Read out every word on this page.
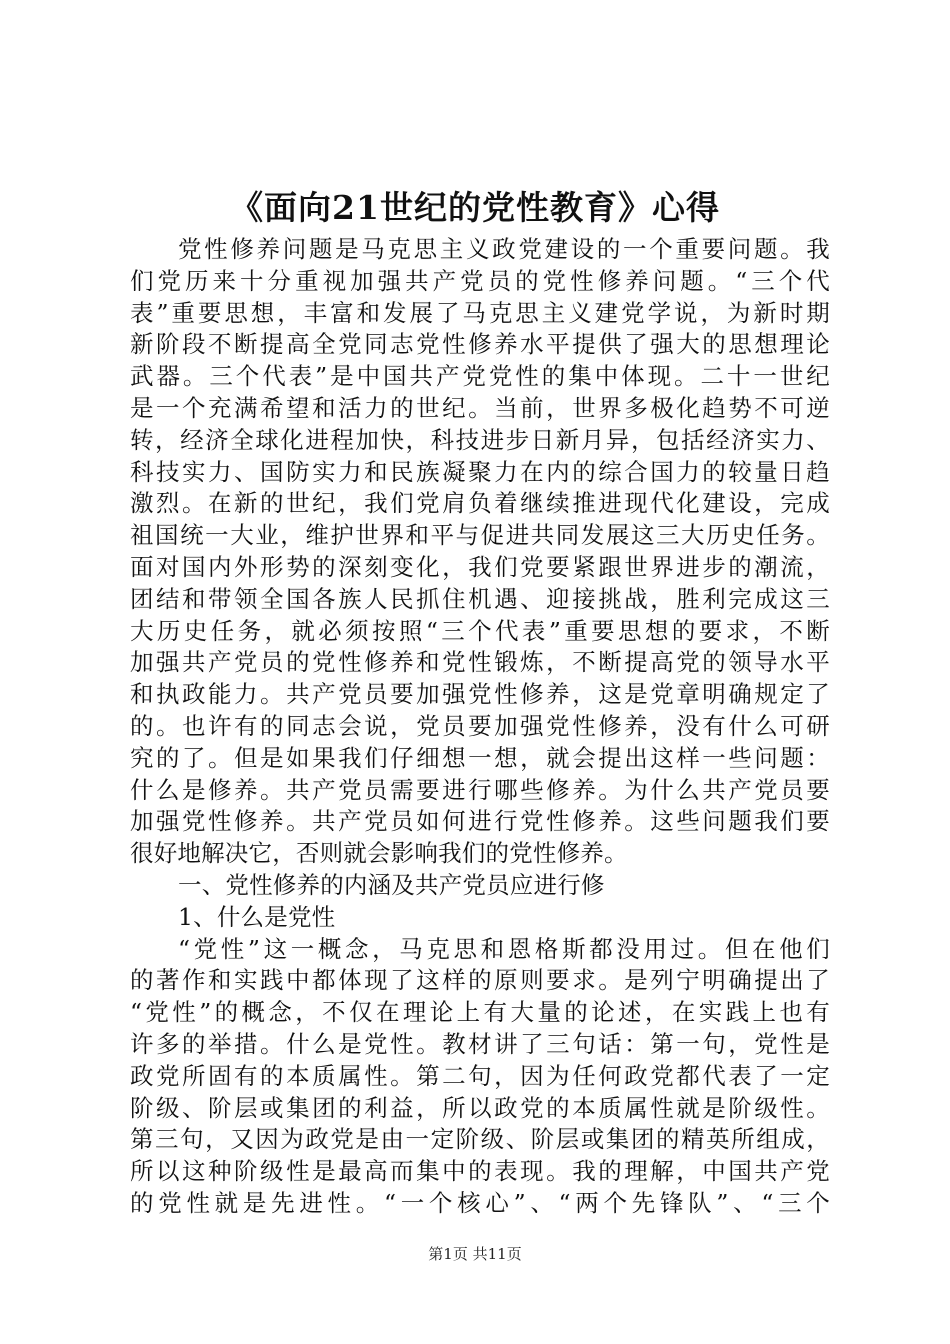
《面向21世纪的党性教育》心得
党性修养问题是马克思主义政党建设的一个重要问题。我
们党历来十分重视加强共产党员的党性修养问题。“三个代
表”重要思想，丰富和发展了马克思主义建党学说，为新时期
新阶段不断提高全党同志党性修养水平提供了强大的思想理论
武器。三个代表”是中国共产党党性的集中体现。二十一世纪
是一个充满希望和活力的世纪。当前，世界多极化趋势不可逆
转，经济全球化进程加快，科技进步日新月异，包括经济实力、
科技实力、国防实力和民族凝聚力在内的综合国力的较量日趋
激烈。在新的世纪，我们党肩负着继续推进现代化建设，完成
祖国统一大业，维护世界和平与促进共同发展这三大历史任务。
面对国内外形势的深刻变化，我们党要紧跟世界进步的潮流，
团结和带领全国各族人民抓住机遇、迎接挑战，胜利完成这三
大历史任务，就必须按照“三个代表”重要思想的要求，不断
加强共产党员的党性修养和党性锻炼，不断提高党的领导水平
和执政能力。共产党员要加强党性修养，这是党章明确规定了
的。也许有的同志会说，党员要加强党性修养，没有什么可研
究的了。但是如果我们仔细想一想，就会提出这样一些问题：
什么是修养。共产党员需要进行哪些修养。为什么共产党员要
加强党性修养。共产党员如何进行党性修养。这些问题我们要
很好地解决它，否则就会影响我们的党性修养。
一、党性修养的内涵及共产党员应进行修
1、什么是党性
“党性”这一概念，马克思和恩格斯都没用过。但在他们
的著作和实践中都体现了这样的原则要求。是列宁明确提出了
“党性”的概念，不仅在理论上有大量的论述，在实践上也有
许多的举措。什么是党性。教材讲了三句话：第一句，党性是
政党所固有的本质属性。第二句，因为任何政党都代表了一定
阶级、阶层或集团的利益，所以政党的本质属性就是阶级性。
第三句，又因为政党是由一定阶级、阶层或集团的精英所组成，
所以这种阶级性是最高而集中的表现。我的理解，中国共产党
的党性就是先进性。“一个核心”、“两个先锋队”、“三个
第1页 共11页
